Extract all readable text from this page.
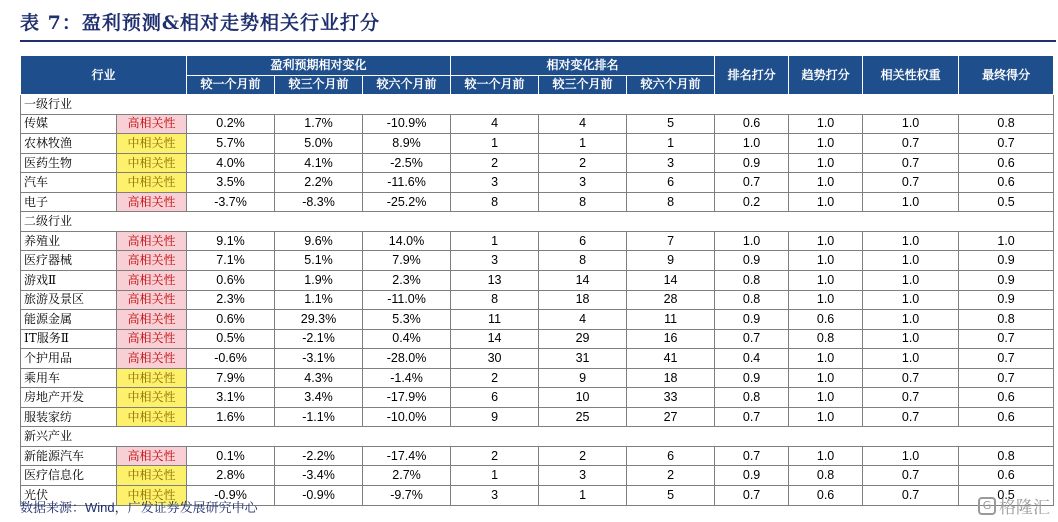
表 7：盈利预测&相对走势相关行业打分
行业		盈利预期相对变化			相对变化排名			排名打分	趋势打分	相关性权重	最终得分
		较一个月前	较三个月前	较六个月前	较一个月前	较三个月前	较六个月前				
一级行业											
传媒	高相关性	0.2%	1.7%	-10.9%	4	4	5	0.6	1.0	1.0	0.8
农林牧渔	中相关性	5.7%	5.0%	8.9%	1	1	1	1.0	1.0	0.7	0.7
医药生物	中相关性	4.0%	4.1%	-2.5%	2	2	3	0.9	1.0	0.7	0.6
汽车	中相关性	3.5%	2.2%	-11.6%	3	3	6	0.7	1.0	0.7	0.6
电子	高相关性	-3.7%	-8.3%	-25.2%	8	8	8	0.2	1.0	1.0	0.5
二级行业											
养殖业	高相关性	9.1%	9.6%	14.0%	1	6	7	1.0	1.0	1.0	1.0
医疗器械	高相关性	7.1%	5.1%	7.9%	3	8	9	0.9	1.0	1.0	0.9
游戏Ⅱ	高相关性	0.6%	1.9%	2.3%	13	14	14	0.8	1.0	1.0	0.9
旅游及景区	高相关性	2.3%	1.1%	-11.0%	8	18	28	0.8	1.0	1.0	0.9
能源金属	高相关性	0.6%	29.3%	5.3%	11	4	11	0.9	0.6	1.0	0.8
IT服务Ⅱ	高相关性	0.5%	-2.1%	0.4%	14	29	16	0.7	0.8	1.0	0.7
个护用品	高相关性	-0.6%	-3.1%	-28.0%	30	31	41	0.4	1.0	1.0	0.7
乘用车	中相关性	7.9%	4.3%	-1.4%	2	9	18	0.9	1.0	0.7	0.7
房地产开发	中相关性	3.1%	3.4%	-17.9%	6	10	33	0.8	1.0	0.7	0.6
服装家纺	中相关性	1.6%	-1.1%	-10.0%	9	25	27	0.7	1.0	0.7	0.6
新兴产业											
新能源汽车	高相关性	0.1%	-2.2%	-17.4%	2	2	6	0.7	1.0	1.0	0.8
医疗信息化	中相关性	2.8%	-3.4%	2.7%	1	3	2	0.9	0.8	0.7	0.6
光伏	中相关性	-0.9%	-0.9%	-9.7%	3	1	5	0.7	0.6	0.7	0.5
数据来源：Wind，广发证券发展研究中心	G 格隆汇
